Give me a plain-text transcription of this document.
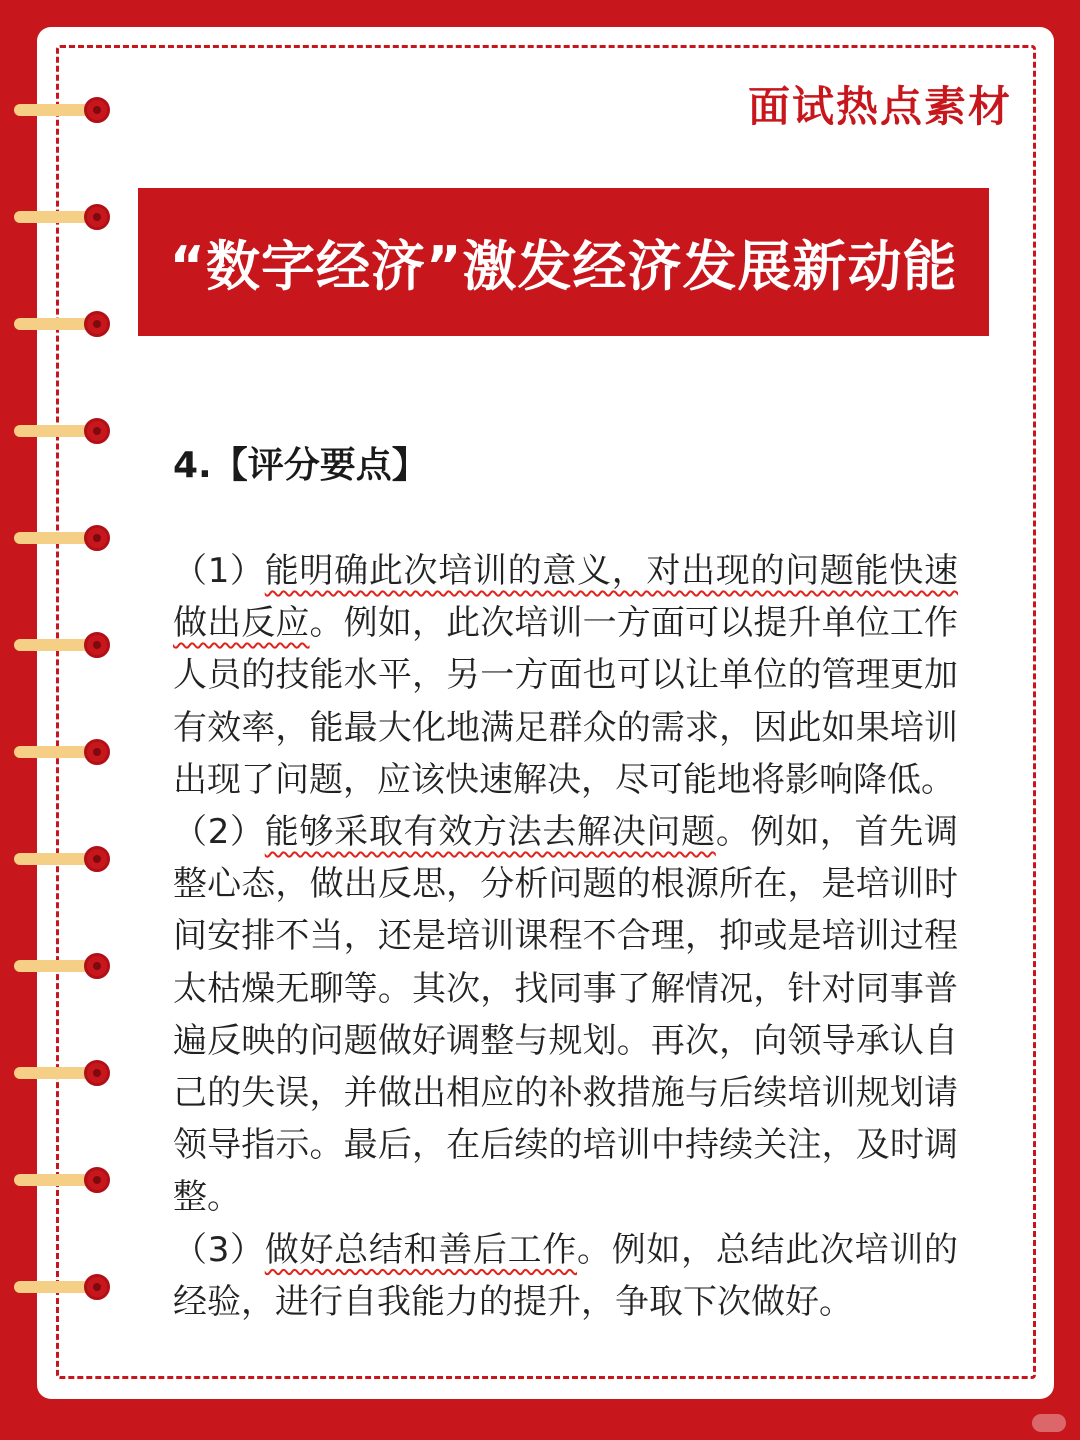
面试热点素材
“数字经济”激发经济发展新动能
4.【评分要点】

（1）能明确此次培训的意义，对出现的问题能快速做出反应。例如，此次培训一方面可以提升单位工作人员的技能水平，另一方面也可以让单位的管理更加有效率，能最大化地满足群众的需求，因此如果培训出现了问题，应该快速解决，尽可能地将影响降低。

（2）能够采取有效方法去解决问题。例如，首先调整心态，做出反思，分析问题的根源所在，是培训时间安排不当，还是培训课程不合理，抑或是培训过程太枯燥无聊等。其次，找同事了解情况，针对同事普遍反映的问题做好调整与规划。再次，向领导承认自己的失误，并做出相应的补救措施与后续培训规划请领导指示。最后，在后续的培训中持续关注，及时调整。

（3）做好总结和善后工作。例如，总结此次培训的经验，进行自我能力的提升，争取下次做好。
